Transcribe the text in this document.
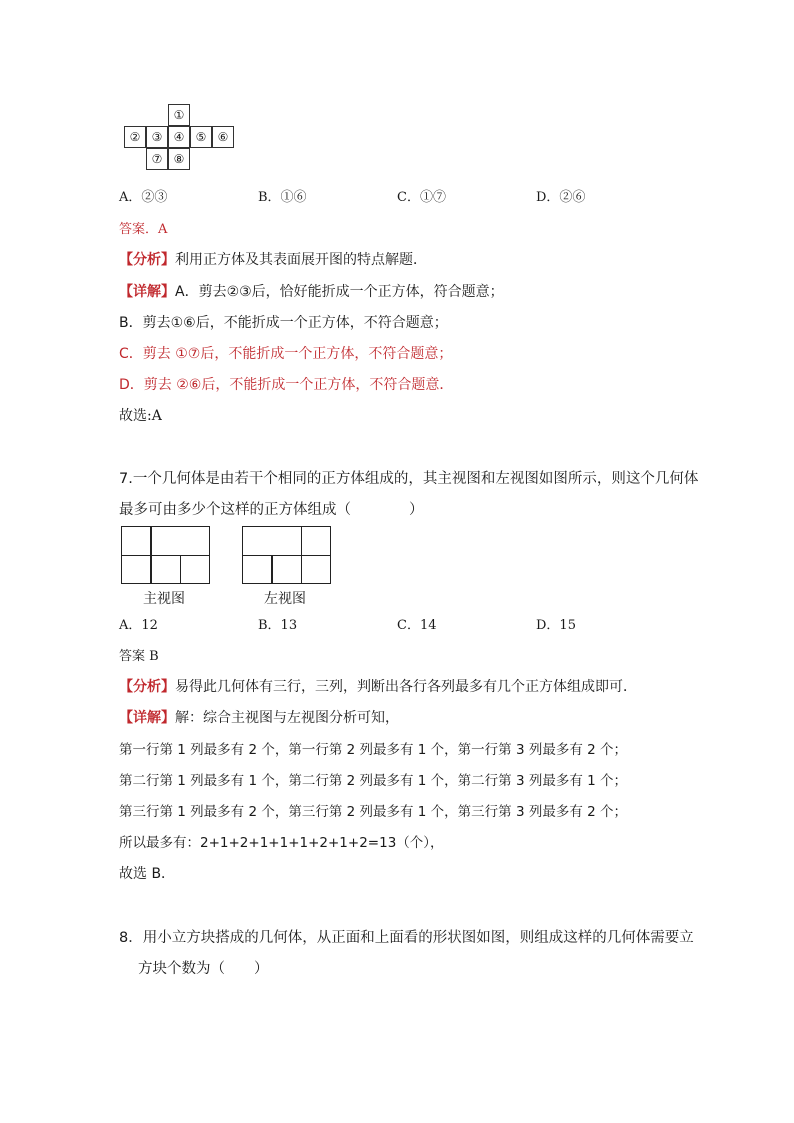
①
② ③ ④ ⑤ ⑥
⑦ ⑧
A．②③	B．①⑥	C．①⑦	D．②⑥
答案．A
【分析】利用正方体及其表面展开图的特点解题．
【详解】A．剪去②③后，恰好能折成一个正方体，符合题意；
B．剪去①⑥后，不能折成一个正方体，不符合题意；
C．剪去 ①⑦后，不能折成一个正方体，不符合题意；
D．剪去 ②⑥后，不能折成一个正方体，不符合题意．
故选:A
7.一个几何体是由若干个相同的正方体组成的，其主视图和左视图如图所示，则这个几何体
最多可由多少个这样的正方体组成（　　　　）
主视图	左视图
A．12	B．13	C．14	D．15
答案 B
【分析】易得此几何体有三行，三列，判断出各行各列最多有几个正方体组成即可．
【详解】解：综合主视图与左视图分析可知，
第一行第 1 列最多有 2 个，第一行第 2 列最多有 1 个，第一行第 3 列最多有 2 个；
第二行第 1 列最多有 1 个，第二行第 2 列最多有 1 个，第二行第 3 列最多有 1 个；
第三行第 1 列最多有 2 个，第三行第 2 列最多有 1 个，第三行第 3 列最多有 2 个；
所以最多有：2+1+2+1+1+1+2+1+2=13（个），
故选 B．
8．用小立方块搭成的几何体，从正面和上面看的形状图如图，则组成这样的几何体需要立
方块个数为（　　）
